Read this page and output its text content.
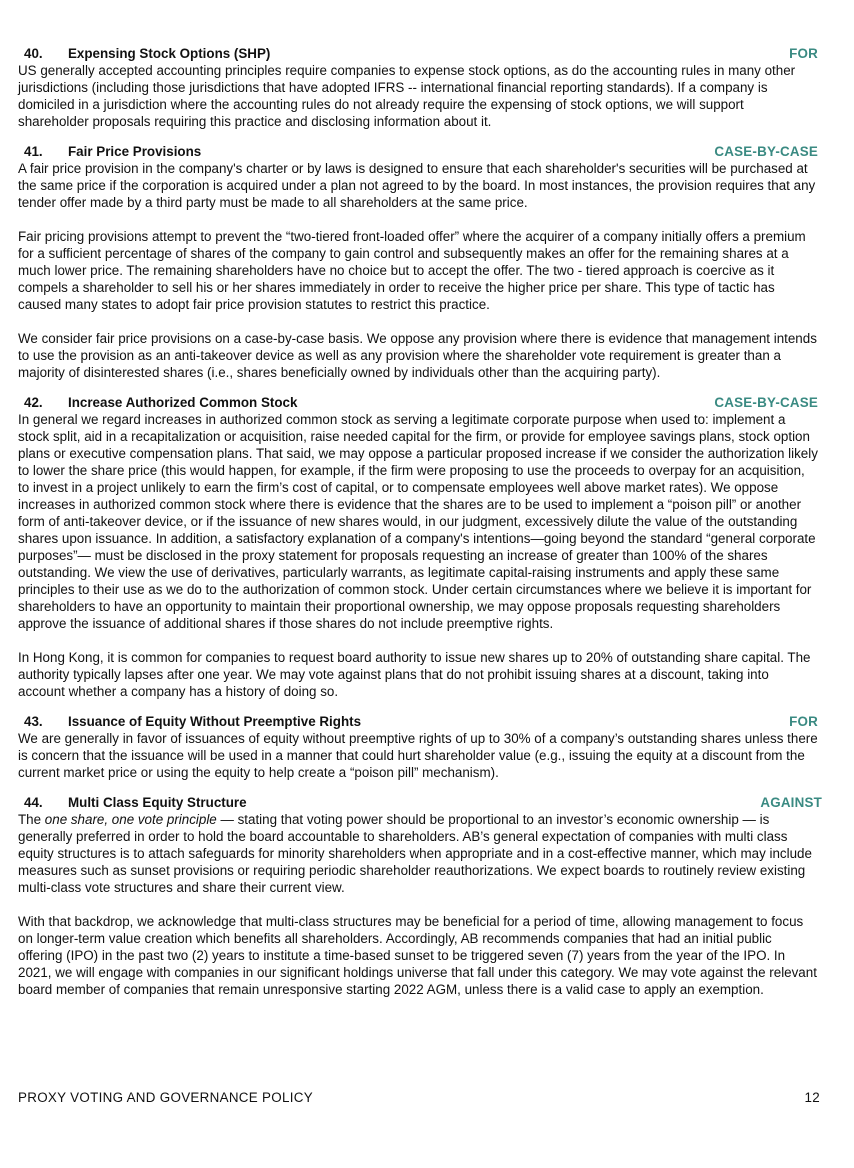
40. Expensing Stock Options (SHP)	FOR

US generally accepted accounting principles require companies to expense stock options, as do the accounting rules in many other jurisdictions (including those jurisdictions that have adopted IFRS -- international financial reporting standards). If a company is domiciled in a jurisdiction where the accounting rules do not already require the expensing of stock options, we will support shareholder proposals requiring this practice and disclosing information about it.

41. Fair Price Provisions	CASE-BY-CASE

A fair price provision in the company's charter or by laws is designed to ensure that each shareholder's securities will be purchased at the same price if the corporation is acquired under a plan not agreed to by the board. In most instances, the provision requires that any tender offer made by a third party must be made to all shareholders at the same price.

Fair pricing provisions attempt to prevent the “two-tiered front-loaded offer” where the acquirer of a company initially offers a premium for a sufficient percentage of shares of the company to gain control and subsequently makes an offer for the remaining shares at a much lower price. The remaining shareholders have no choice but to accept the offer. The two - tiered approach is coercive as it compels a shareholder to sell his or her shares immediately in order to receive the higher price per share. This type of tactic has caused many states to adopt fair price provision statutes to restrict this practice.

We consider fair price provisions on a case-by-case basis. We oppose any provision where there is evidence that management intends to use the provision as an anti-takeover device as well as any provision where the shareholder vote requirement is greater than a majority of disinterested shares (i.e., shares beneficially owned by individuals other than the acquiring party).

42. Increase Authorized Common Stock	CASE-BY-CASE

In general we regard increases in authorized common stock as serving a legitimate corporate purpose when used to: implement a stock split, aid in a recapitalization or acquisition, raise needed capital for the firm, or provide for employee savings plans, stock option plans or executive compensation plans. That said, we may oppose a particular proposed increase if we consider the authorization likely to lower the share price (this would happen, for example, if the firm were proposing to use the proceeds to overpay for an acquisition, to invest in a project unlikely to earn the firm’s cost of capital, or to compensate employees well above market rates). We oppose increases in authorized common stock where there is evidence that the shares are to be used to implement a “poison pill” or another form of anti-takeover device, or if the issuance of new shares would, in our judgment, excessively dilute the value of the outstanding shares upon issuance. In addition, a satisfactory explanation of a company's intentions—going beyond the standard “general corporate purposes”— must be disclosed in the proxy statement for proposals requesting an increase of greater than 100% of the shares outstanding. We view the use of derivatives, particularly warrants, as legitimate capital-raising instruments and apply these same principles to their use as we do to the authorization of common stock. Under certain circumstances where we believe it is important for shareholders to have an opportunity to maintain their proportional ownership, we may oppose proposals requesting shareholders approve the issuance of additional shares if those shares do not include preemptive rights.

In Hong Kong, it is common for companies to request board authority to issue new shares up to 20% of outstanding share capital. The authority typically lapses after one year. We may vote against plans that do not prohibit issuing shares at a discount, taking into account whether a company has a history of doing so.

43. Issuance of Equity Without Preemptive Rights	FOR

We are generally in favor of issuances of equity without preemptive rights of up to 30% of a company’s outstanding shares unless there is concern that the issuance will be used in a manner that could hurt shareholder value (e.g., issuing the equity at a discount from the current market price or using the equity to help create a “poison pill” mechanism).

44. Multi Class Equity Structure	AGAINST

The one share, one vote principle — stating that voting power should be proportional to an investor’s economic ownership — is generally preferred in order to hold the board accountable to shareholders. AB’s general expectation of companies with multi class equity structures is to attach safeguards for minority shareholders when appropriate and in a cost-effective manner, which may include measures such as sunset provisions or requiring periodic shareholder reauthorizations. We expect boards to routinely review existing multi-class vote structures and share their current view.

With that backdrop, we acknowledge that multi-class structures may be beneficial for a period of time, allowing management to focus on longer-term value creation which benefits all shareholders. Accordingly, AB recommends companies that had an initial public offering (IPO) in the past two (2) years to institute a time-based sunset to be triggered seven (7) years from the year of the IPO. In 2021, we will engage with companies in our significant holdings universe that fall under this category. We may vote against the relevant board member of companies that remain unresponsive starting 2022 AGM, unless there is a valid case to apply an exemption.

PROXY VOTING AND GOVERNANCE POLICY	12
